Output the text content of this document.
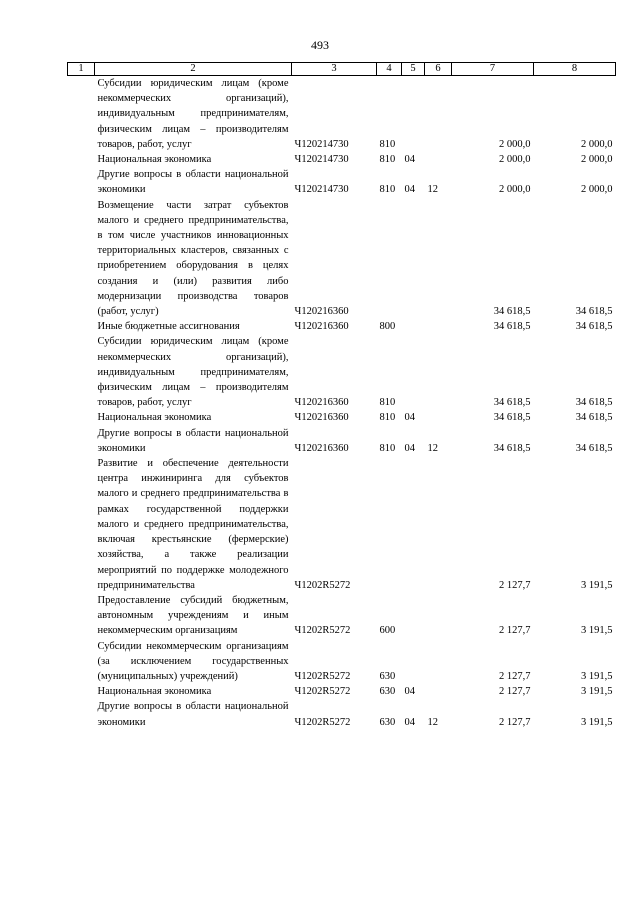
493
1	2	3	4	5	6	7	8
	Субсидии юридическим лицам (кроме некоммерческих организаций), индивидуальным предпринимателям, физическим лицам – производителям товаров, работ, услуг	Ч120214730	810			2 000,0	2 000,0
	Национальная экономика	Ч120214730	810	04		2 000,0	2 000,0
	Другие вопросы в области национальной экономики	Ч120214730	810	04	12	2 000,0	2 000,0
	Возмещение части затрат субъектов малого и среднего предпринимательства, в том числе участников инновационных территориальных кластеров, связанных с приобретением оборудования в целях создания и (или) развития либо модернизации производства товаров (работ, услуг)	Ч120216360				34 618,5	34 618,5
	Иные бюджетные ассигнования	Ч120216360	800			34 618,5	34 618,5
	Субсидии юридическим лицам (кроме некоммерческих организаций), индивидуальным предпринимателям, физическим лицам – производителям товаров, работ, услуг	Ч120216360	810			34 618,5	34 618,5
	Национальная экономика	Ч120216360	810	04		34 618,5	34 618,5
	Другие вопросы в области национальной экономики	Ч120216360	810	04	12	34 618,5	34 618,5
	Развитие и обеспечение деятельности центра инжиниринга для субъектов малого и среднего предпринимательства в рамках государственной поддержки малого и среднего предпринимательства, включая крестьянские (фермерские) хозяйства, а также реализации мероприятий по поддержке молодежного предпринимательства	Ч1202R5272				2 127,7	3 191,5
	Предоставление субсидий бюджетным, автономным учреждениям и иным некоммерческим организациям	Ч1202R5272	600			2 127,7	3 191,5
	Субсидии некоммерческим организациям (за исключением государственных (муниципальных) учреждений)	Ч1202R5272	630			2 127,7	3 191,5
	Национальная экономика	Ч1202R5272	630	04		2 127,7	3 191,5
	Другие вопросы в области национальной экономики	Ч1202R5272	630	04	12	2 127,7	3 191,5
